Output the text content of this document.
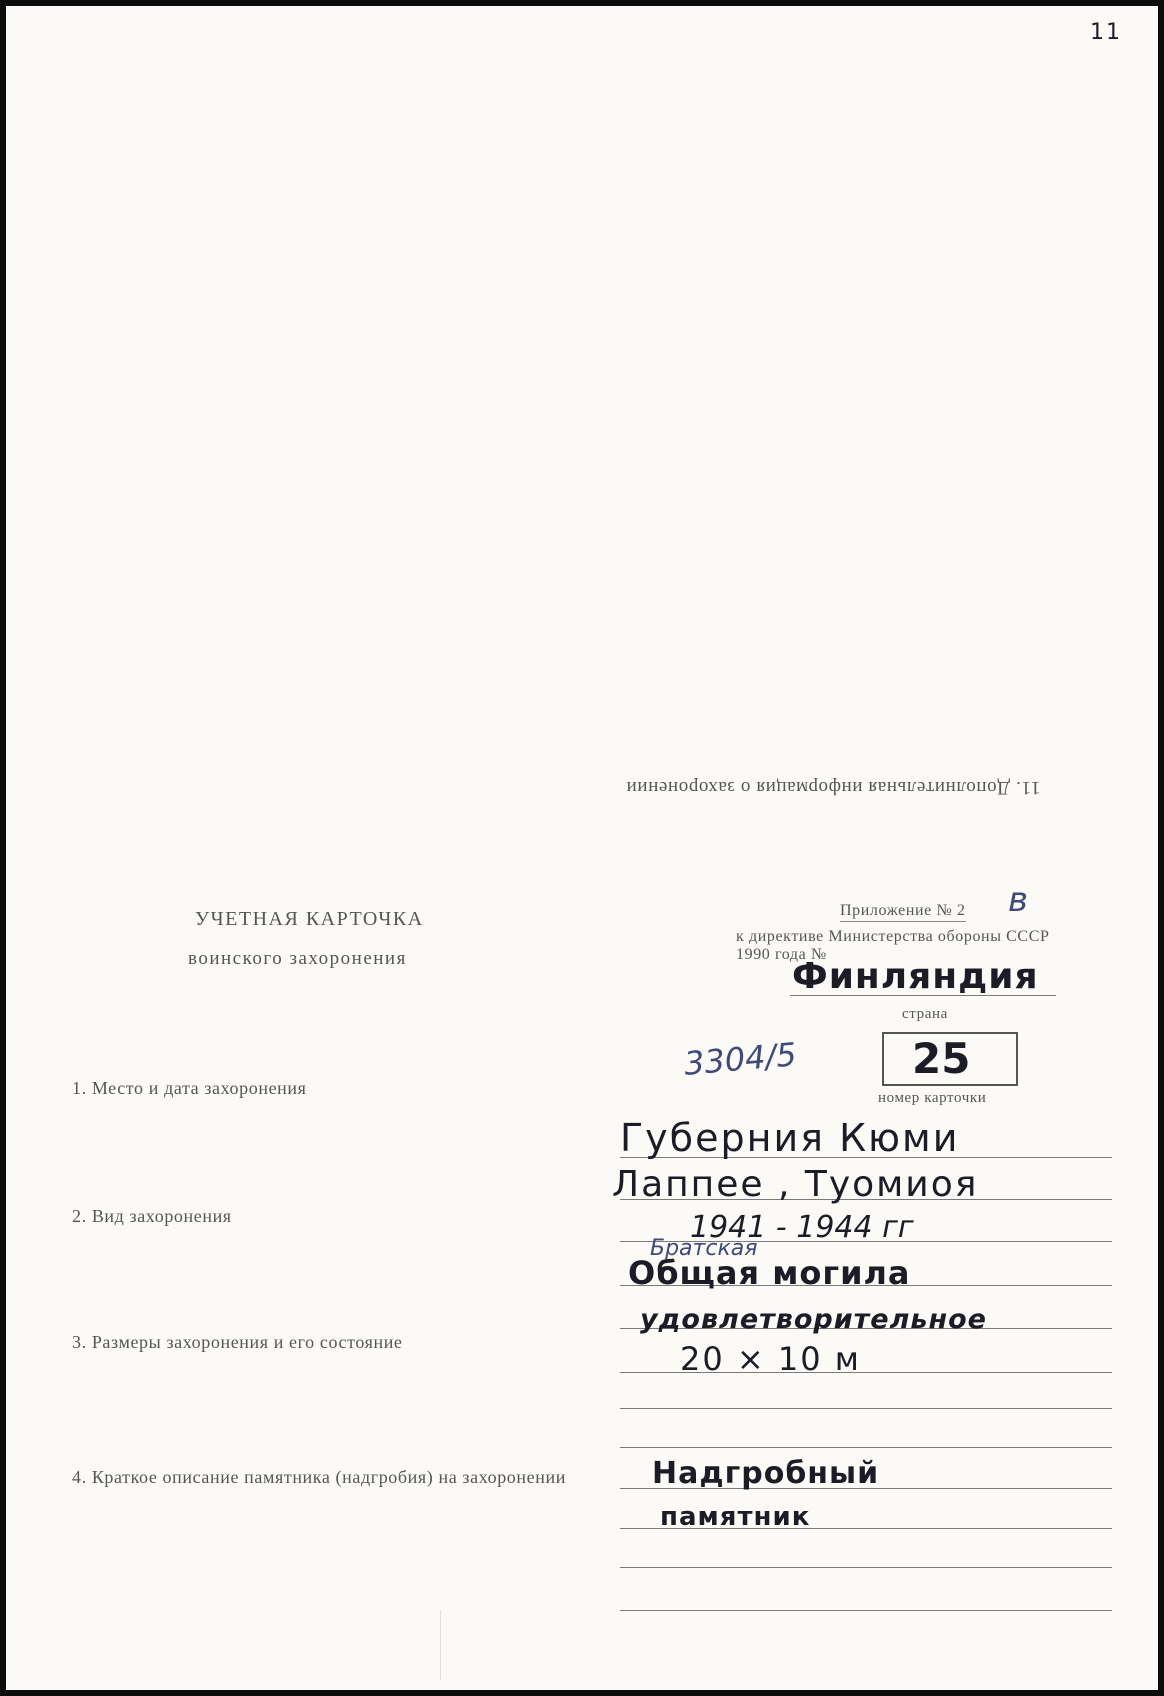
11
11. Дополнительная информация о захоронении
УЧЕТНАЯ КАРТОЧКА
воинского захоронения
Приложение № 2 в
к директиве Министерства обороны СССР
1990 года №
Финляндия
страна
3304/5	25
номер карточки
1. Место и дата захоронения
2. Вид захоронения
3. Размеры захоронения и его состояние
4. Краткое описание памятника (надгробия) на захоронении
Губерния Кюми
Лаппее , Туомиоя
1941 - 1944 гг
Братская
Общая могила
удовлетворительное
20 × 10 м
Надгробный
памятник
